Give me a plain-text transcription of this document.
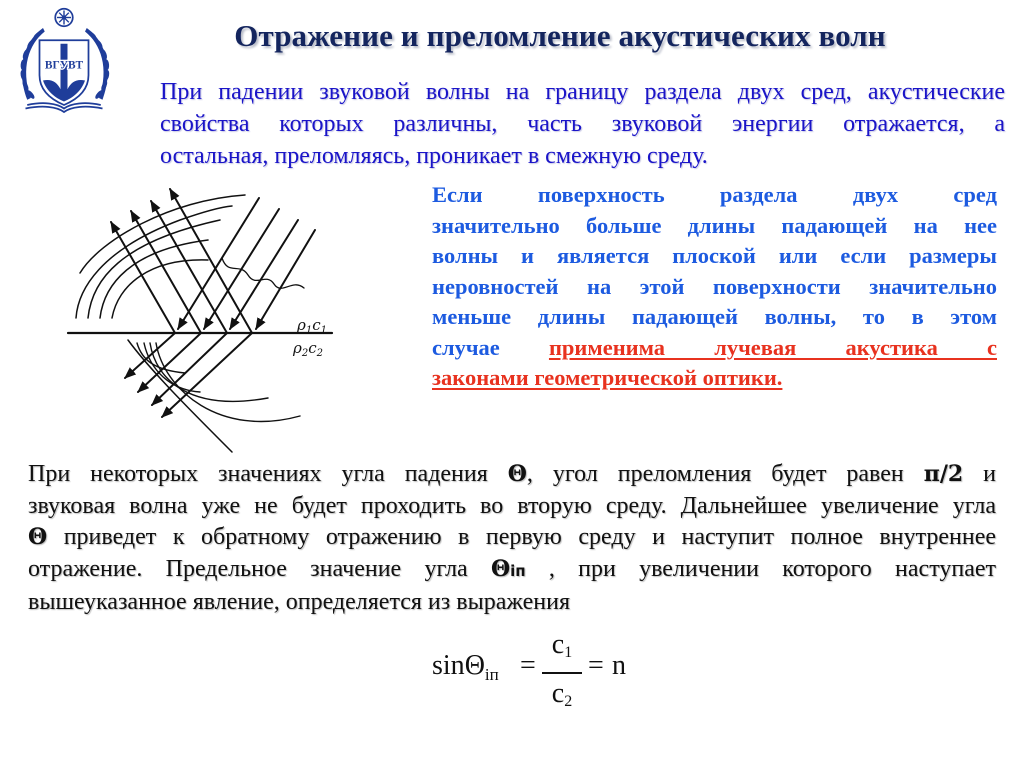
ВГУВТ
Отражение и преломление акустических волн
При падении звуковой волны на границу раздела двух сред, акустические
свойства которых различны, часть звуковой энергии отражается, а
остальная, преломляясь, проникает в смежную среду.
$\rho_1c_1$
$\rho_2c_2$
Если поверхность раздела двух сред
значительно больше длины падающей на нее
волны и является плоской или если размеры
неровностей на этой поверхности значительно
меньше длины падающей волны, то в этом
случае применима лучевая акустика с
законами геометрической оптики.
При некоторых значениях угла падения Θ, угол преломления будет равен π/2 и
звуковая волна уже не будет проходить во вторую среду. Дальнейшее увеличение угла
Θ приведет к обратному отражению в первую среду и наступит полное внутреннее
отражение. Предельное значение угла Θiп , при увеличении которого наступает
вышеуказанное явление, определяется из выражения
sinΘ$_{iп}$ =
$c_1$
$c_2$
= n
